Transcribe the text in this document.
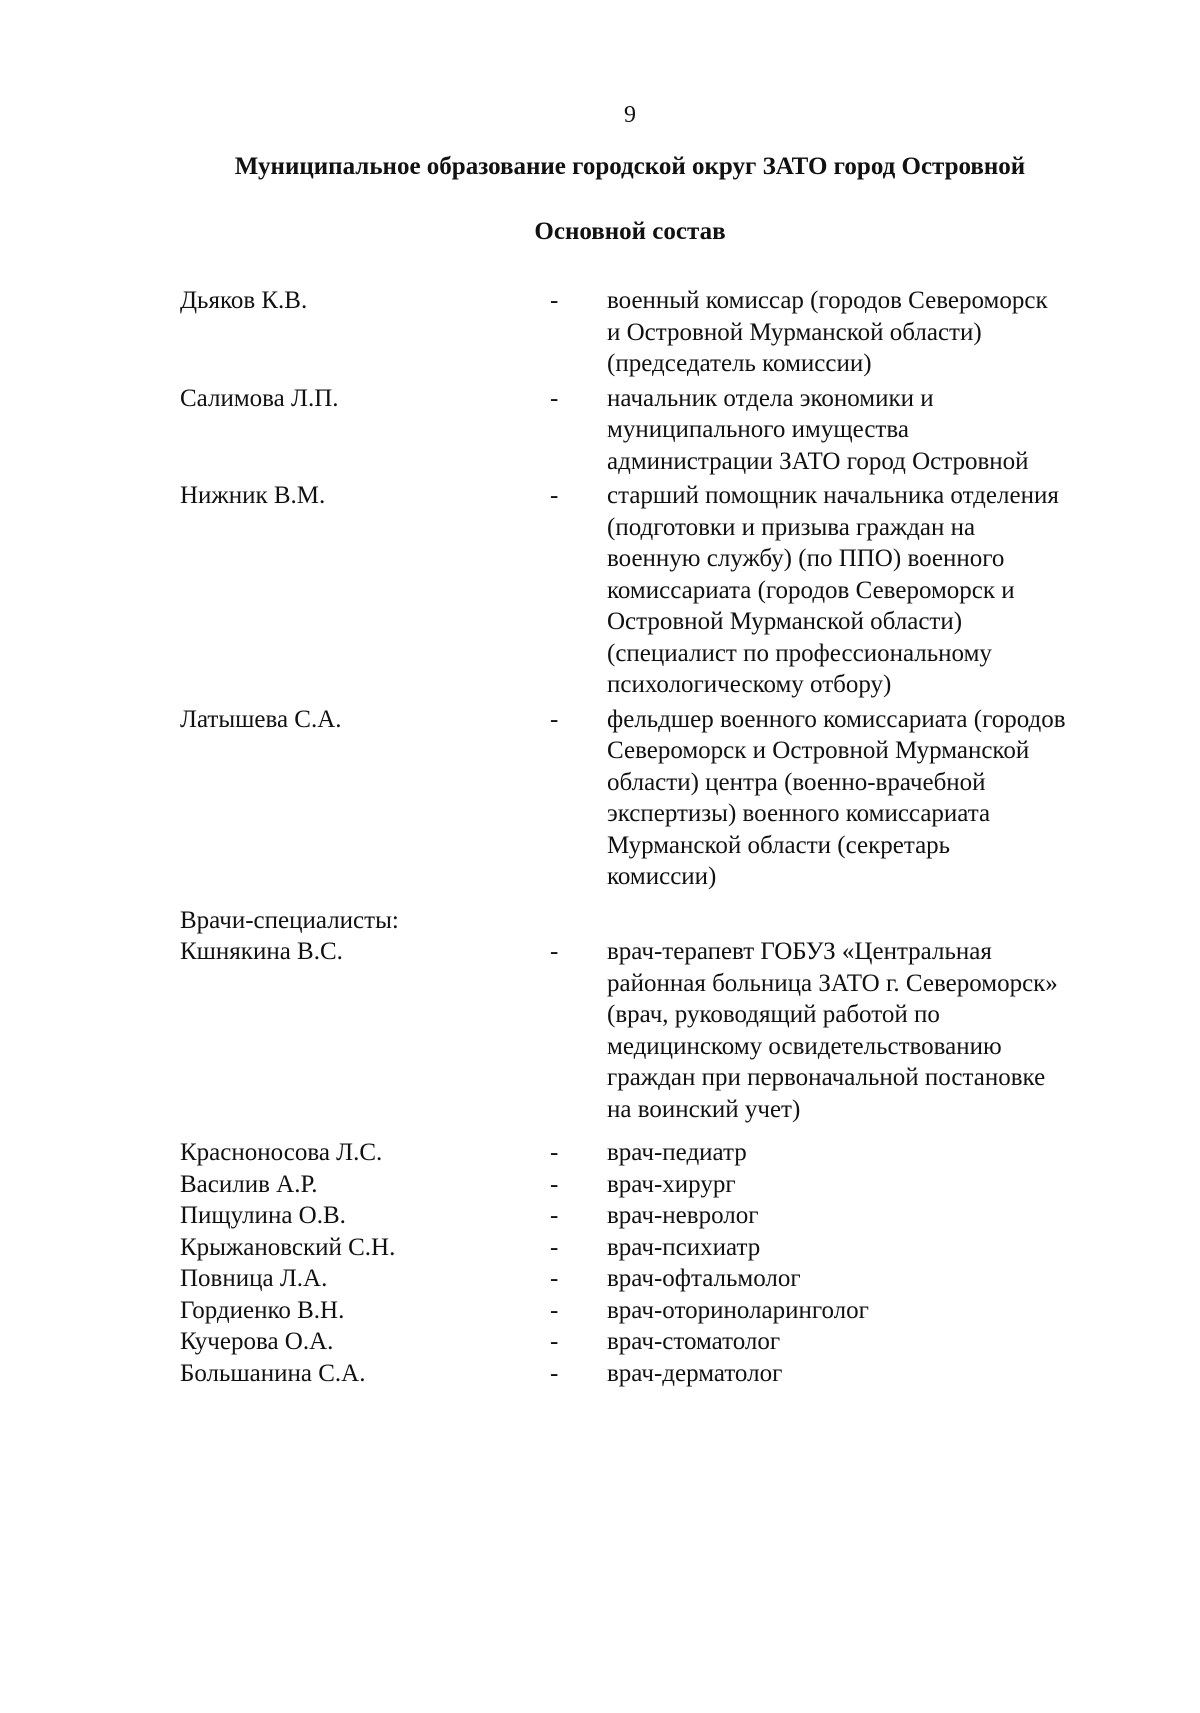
9
Муниципальное образование городской округ ЗАТО город Островной
Основной состав
Дьяков К.В.	- военный комиссар (городов Североморск
и Островной Мурманской области)
(председатель комиссии)
Салимова Л.П.	- начальник отдела экономики и
муниципального имущества
администрации ЗАТО город Островной
Нижник В.М.	- старший помощник начальника отделения
(подготовки и призыва граждан на
военную службу) (по ППО) военного
комиссариата (городов Североморск и
Островной Мурманской области)
(специалист по профессиональному
психологическому отбору)
Латышева С.А.	- фельдшер военного комиссариата (городов
Североморск и Островной Мурманской
области) центра (военно-врачебной
экспертизы) военного комиссариата
Мурманской области (секретарь
комиссии)
Врачи-специалисты:
Кшнякина В.С.	- врач-терапевт ГОБУЗ «Центральная
районная больница ЗАТО г. Североморск»
(врач, руководящий работой по
медицинскому освидетельствованию
граждан при первоначальной постановке
на воинский учет)
Красноносова Л.С.	- врач-педиатр
Василив А.Р.	- врач-хирург
Пищулина О.В.	- врач-невролог
Крыжановский С.Н.	- врач-психиатр
Повница Л.А.	- врач-офтальмолог
Гордиенко В.Н.	- врач-оториноларинголог
Кучерова О.А.	- врач-стоматолог
Большанина С.А.	- врач-дерматолог
